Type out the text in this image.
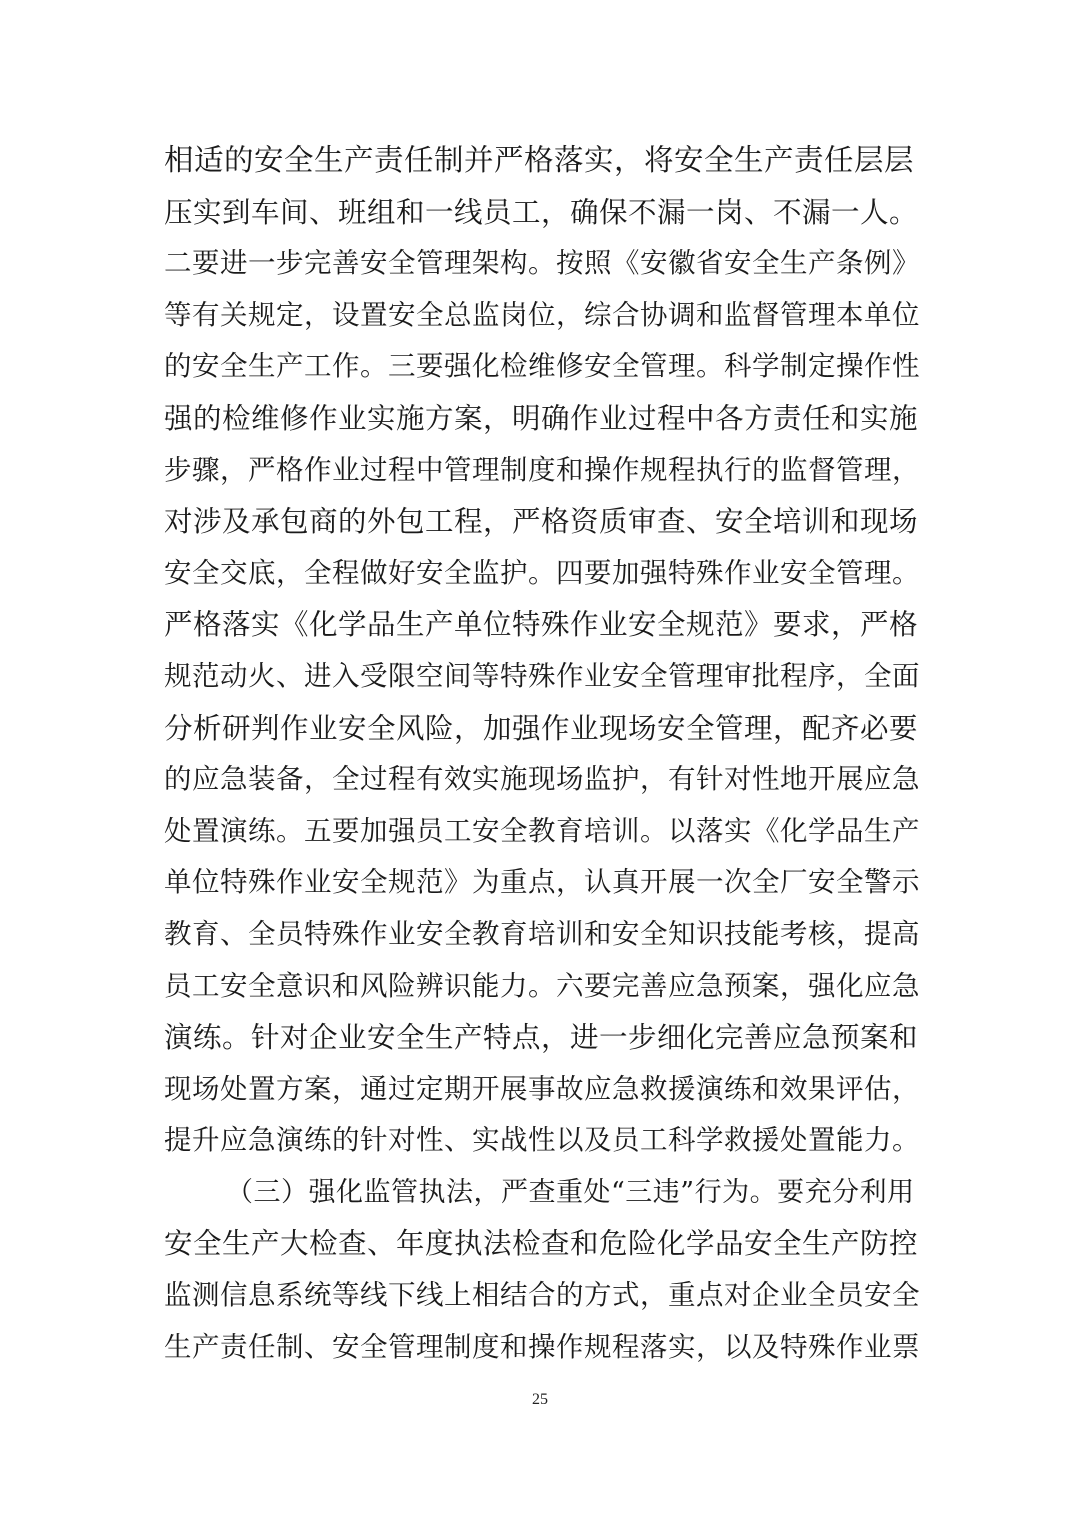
相适的安全生产责任制并严格落实，将安全生产责任层层
压实到车间、班组和一线员工，确保不漏一岗、不漏一人。
二要进一步完善安全管理架构。按照《安徽省安全生产条例》
等有关规定，设置安全总监岗位，综合协调和监督管理本单位
的安全生产工作。三要强化检维修安全管理。科学制定操作性
强的检维修作业实施方案，明确作业过程中各方责任和实施
步骤，严格作业过程中管理制度和操作规程执行的监督管理，
对涉及承包商的外包工程，严格资质审查、安全培训和现场
安全交底，全程做好安全监护。四要加强特殊作业安全管理。
严格落实《化学品生产单位特殊作业安全规范》要求，严格
规范动火、进入受限空间等特殊作业安全管理审批程序，全面
分析研判作业安全风险，加强作业现场安全管理，配齐必要
的应急装备，全过程有效实施现场监护，有针对性地开展应急
处置演练。五要加强员工安全教育培训。以落实《化学品生产
单位特殊作业安全规范》为重点，认真开展一次全厂安全警示
教育、全员特殊作业安全教育培训和安全知识技能考核，提高
员工安全意识和风险辨识能力。六要完善应急预案，强化应急
演练。针对企业安全生产特点，进一步细化完善应急预案和
现场处置方案，通过定期开展事故应急救援演练和效果评估，
提升应急演练的针对性、实战性以及员工科学救援处置能力。
（三）强化监管执法，严查重处“三违”行为。要充分利用
安全生产大检查、年度执法检查和危险化学品安全生产防控
监测信息系统等线下线上相结合的方式，重点对企业全员安全
生产责任制、安全管理制度和操作规程落实，以及特殊作业票
25
